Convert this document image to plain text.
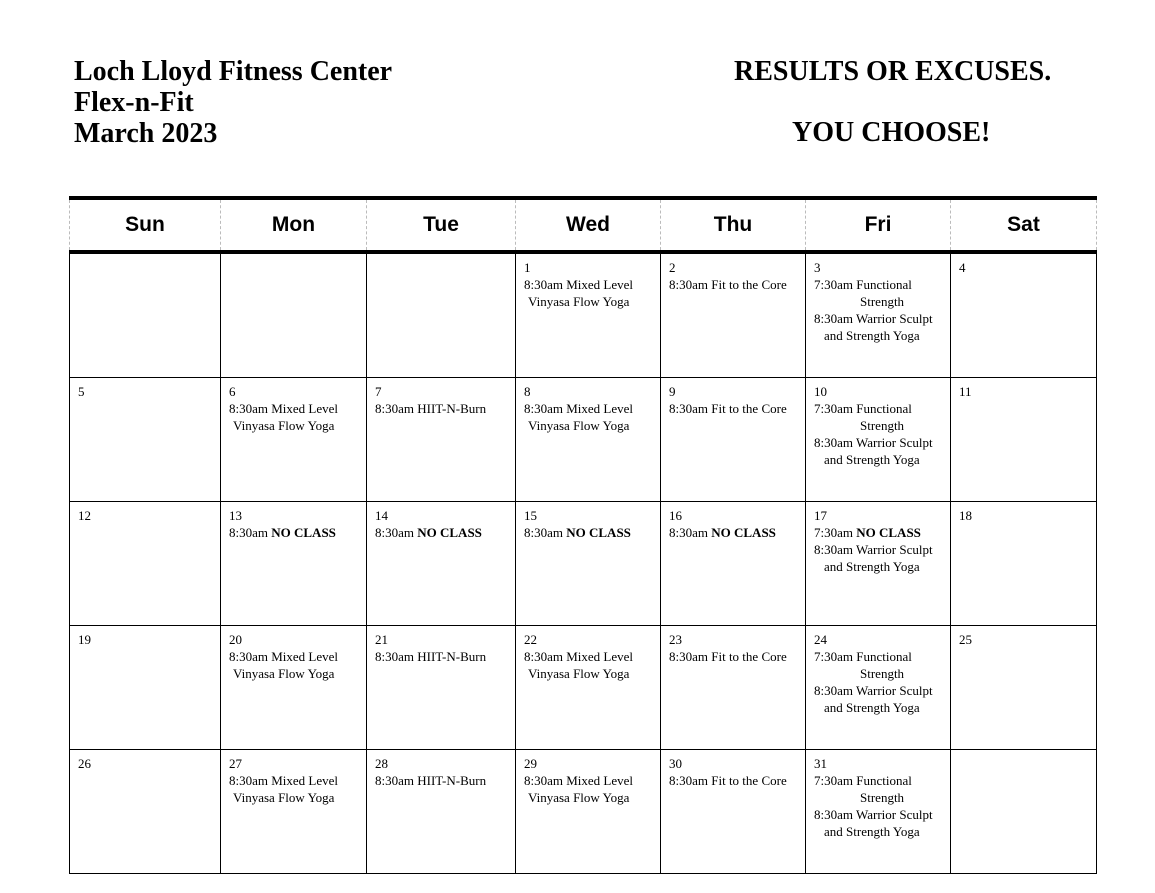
Loch Lloyd Fitness Center
Flex-n-Fit
March 2023
RESULTS OR EXCUSES.
YOU CHOOSE!
Sun	Mon	Tue	Wed	Thu	Fri	Sat

			1
8:30am Mixed Level
Vinyasa Flow Yoga	2
8:30am Fit to the Core	3
7:30am Functional
Strength
8:30am Warrior Sculpt
and Strength Yoga	4

5	6
8:30am Mixed Level
Vinyasa Flow Yoga	7
8:30am HIIT-N-Burn	8
8:30am Mixed Level
Vinyasa Flow Yoga	9
8:30am Fit to the Core	10
7:30am Functional
Strength
8:30am Warrior Sculpt
and Strength Yoga	11

12	13
8:30am NO CLASS	14
8:30am NO CLASS	15
8:30am NO CLASS	16
8:30am NO CLASS	17
7:30am NO CLASS
8:30am Warrior Sculpt
and Strength Yoga	18

19	20
8:30am Mixed Level
Vinyasa Flow Yoga	21
8:30am HIIT-N-Burn	22
8:30am Mixed Level
Vinyasa Flow Yoga	23
8:30am Fit to the Core	24
7:30am Functional
Strength
8:30am Warrior Sculpt
and Strength Yoga	25

26	27
8:30am Mixed Level
Vinyasa Flow Yoga	28
8:30am HIIT-N-Burn	29
8:30am Mixed Level
Vinyasa Flow Yoga	30
8:30am Fit to the Core	31
7:30am Functional
Strength
8:30am Warrior Sculpt
and Strength Yoga	
